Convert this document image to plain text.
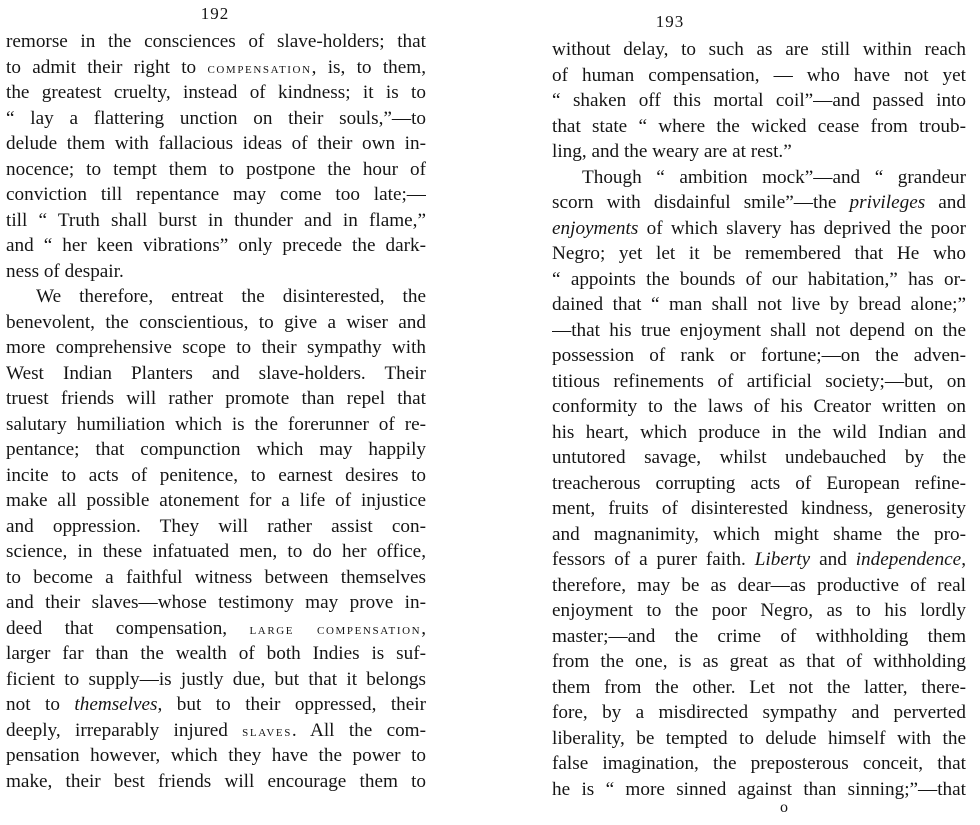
192
remorse in the consciences of slave-holders; that
to admit their right to compensation, is, to them,
the greatest cruelty, instead of kindness; it is to
“ lay a flattering unction on their souls,”—to
delude them with fallacious ideas of their own in-
nocence; to tempt them to postpone the hour of
conviction till repentance may come too late;—
till “ Truth shall burst in thunder and in flame,”
and “ her keen vibrations” only precede the dark-
ness of despair.
We therefore, entreat the disinterested, the
benevolent, the conscientious, to give a wiser and
more comprehensive scope to their sympathy with
West Indian Planters and slave-holders. Their
truest friends will rather promote than repel that
salutary humiliation which is the forerunner of re-
pentance; that compunction which may happily
incite to acts of penitence, to earnest desires to
make all possible atonement for a life of injustice
and oppression. They will rather assist con-
science, in these infatuated men, to do her office,
to become a faithful witness between themselves
and their slaves—whose testimony may prove in-
deed that compensation, large compensation,
larger far than the wealth of both Indies is suf-
ficient to supply—is justly due, but that it belongs
not to themselves, but to their oppressed, their
deeply, irreparably injured slaves. All the com-
pensation however, which they have the power to
make, their best friends will encourage them to
193
without delay, to such as are still within reach
of human compensation, — who have not yet
“ shaken off this mortal coil”—and passed into
that state “ where the wicked cease from troub-
ling, and the weary are at rest.”
Though “ ambition mock”—and “ grandeur
scorn with disdainful smile”—the privileges and
enjoyments of which slavery has deprived the poor
Negro; yet let it be remembered that He who
“ appoints the bounds of our habitation,” has or-
dained that “ man shall not live by bread alone;”
—that his true enjoyment shall not depend on the
possession of rank or fortune;—on the adven-
titious refinements of artificial society;—but, on
conformity to the laws of his Creator written on
his heart, which produce in the wild Indian and
untutored savage, whilst undebauched by the
treacherous corrupting acts of European refine-
ment, fruits of disinterested kindness, generosity
and magnanimity, which might shame the pro-
fessors of a purer faith. Liberty and independence,
therefore, may be as dear—as productive of real
enjoyment to the poor Negro, as to his lordly
master;—and the crime of withholding them
from the one, is as great as that of withholding
them from the other. Let not the latter, there-
fore, by a misdirected sympathy and perverted
liberality, be tempted to delude himself with the
false imagination, the preposterous conceit, that
he is “ more sinned against than sinning;”—that
o
